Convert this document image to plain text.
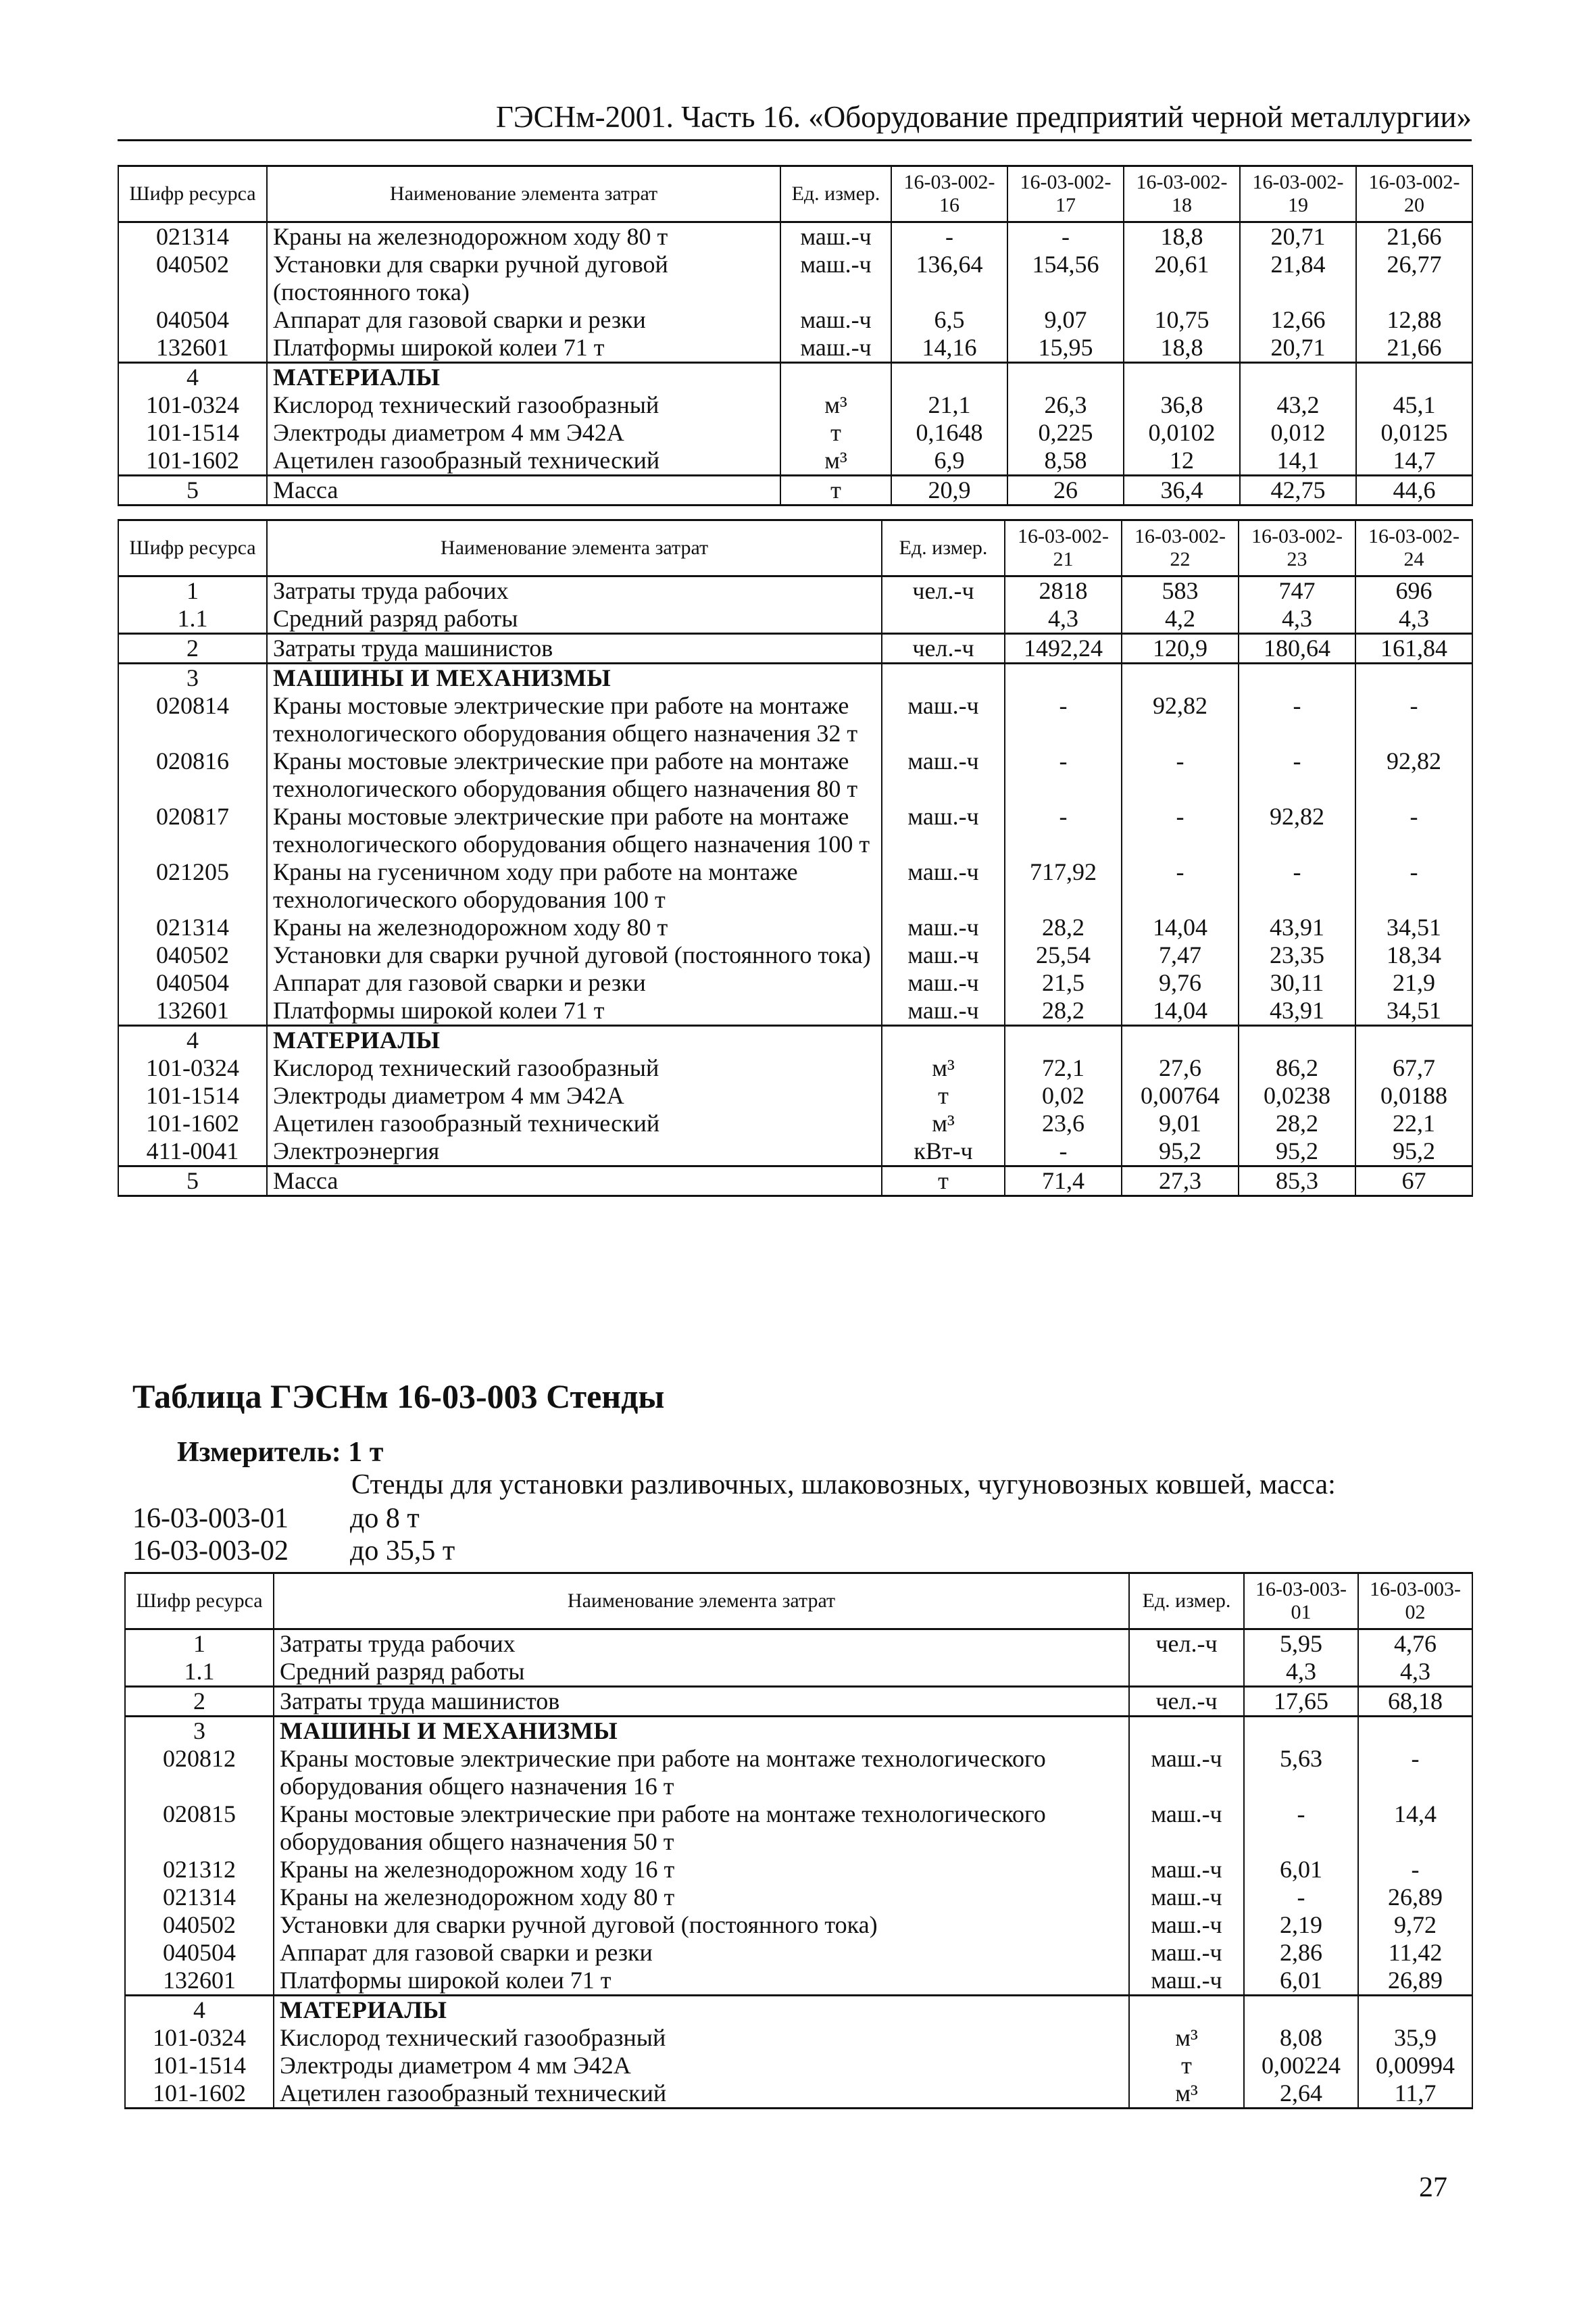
ГЭСНм-2001. Часть 16. «Оборудование предприятий черной металлургии»
Шифр ресурса	Наименование элемента затрат	Ед. измер.	16-03-002-16	16-03-002-17	16-03-002-18	16-03-002-19	16-03-002-20
021314	Краны на железнодорожном ходу 80 т	маш.-ч	-	-	18,8	20,71	21,66
040502	Установки для сварки ручной дуговой (постоянного тока)	маш.-ч	136,64	154,56	20,61	21,84	26,77
040504	Аппарат для газовой сварки и резки	маш.-ч	6,5	9,07	10,75	12,66	12,88
132601	Платформы широкой колеи 71 т	маш.-ч	14,16	15,95	18,8	20,71	21,66
4	МАТЕРИАЛЫ						
101-0324	Кислород технический газообразный	м³	21,1	26,3	36,8	43,2	45,1
101-1514	Электроды диаметром 4 мм Э42А	т	0,1648	0,225	0,0102	0,012	0,0125
101-1602	Ацетилен газообразный технический	м³	6,9	8,58	12	14,1	14,7
5	Масса	т	20,9	26	36,4	42,75	44,6
Шифр ресурса	Наименование элемента затрат	Ед. измер.	16-03-002-21	16-03-002-22	16-03-002-23	16-03-002-24
1	Затраты труда рабочих	чел.-ч	2818	583	747	696
1.1	Средний разряд работы		4,3	4,2	4,3	4,3
2	Затраты труда машинистов	чел.-ч	1492,24	120,9	180,64	161,84
3	МАШИНЫ И МЕХАНИЗМЫ					
020814	Краны мостовые электрические при работе на монтаже технологического оборудования общего назначения 32 т	маш.-ч	-	92,82	-	-
020816	Краны мостовые электрические при работе на монтаже технологического оборудования общего назначения 80 т	маш.-ч	-	-	-	92,82
020817	Краны мостовые электрические при работе на монтаже технологического оборудования общего назначения 100 т	маш.-ч	-	-	92,82	-
021205	Краны на гусеничном ходу при работе на монтаже технологического оборудования 100 т	маш.-ч	717,92	-	-	-
021314	Краны на железнодорожном ходу 80 т	маш.-ч	28,2	14,04	43,91	34,51
040502	Установки для сварки ручной дуговой (постоянного тока)	маш.-ч	25,54	7,47	23,35	18,34
040504	Аппарат для газовой сварки и резки	маш.-ч	21,5	9,76	30,11	21,9
132601	Платформы широкой колеи 71 т	маш.-ч	28,2	14,04	43,91	34,51
4	МАТЕРИАЛЫ					
101-0324	Кислород технический газообразный	м³	72,1	27,6	86,2	67,7
101-1514	Электроды диаметром 4 мм Э42А	т	0,02	0,00764	0,0238	0,0188
101-1602	Ацетилен газообразный технический	м³	23,6	9,01	28,2	22,1
411-0041	Электроэнергия	кВт-ч	-	95,2	95,2	95,2
5	Масса	т	71,4	27,3	85,3	67
Таблица ГЭСНм 16-03-003 Стенды
Измеритель: 1 т
Стенды для установки разливочных, шлаковозных, чугуновозных ковшей, масса:
16-03-003-01 до 8 т
16-03-003-02 до 35,5 т
Шифр ресурса	Наименование элемента затрат	Ед. измер.	16-03-003-01	16-03-003-02
1	Затраты труда рабочих	чел.-ч	5,95	4,76
1.1	Средний разряд работы		4,3	4,3
2	Затраты труда машинистов	чел.-ч	17,65	68,18
3	МАШИНЫ И МЕХАНИЗМЫ			
020812	Краны мостовые электрические при работе на монтаже технологического оборудования общего назначения 16 т	маш.-ч	5,63	-
020815	Краны мостовые электрические при работе на монтаже технологического оборудования общего назначения 50 т	маш.-ч	-	14,4
021312	Краны на железнодорожном ходу 16 т	маш.-ч	6,01	-
021314	Краны на железнодорожном ходу 80 т	маш.-ч	-	26,89
040502	Установки для сварки ручной дуговой (постоянного тока)	маш.-ч	2,19	9,72
040504	Аппарат для газовой сварки и резки	маш.-ч	2,86	11,42
132601	Платформы широкой колеи 71 т	маш.-ч	6,01	26,89
4	МАТЕРИАЛЫ			
101-0324	Кислород технический газообразный	м³	8,08	35,9
101-1514	Электроды диаметром 4 мм Э42А	т	0,00224	0,00994
101-1602	Ацетилен газообразный технический	м³	2,64	11,7
27
